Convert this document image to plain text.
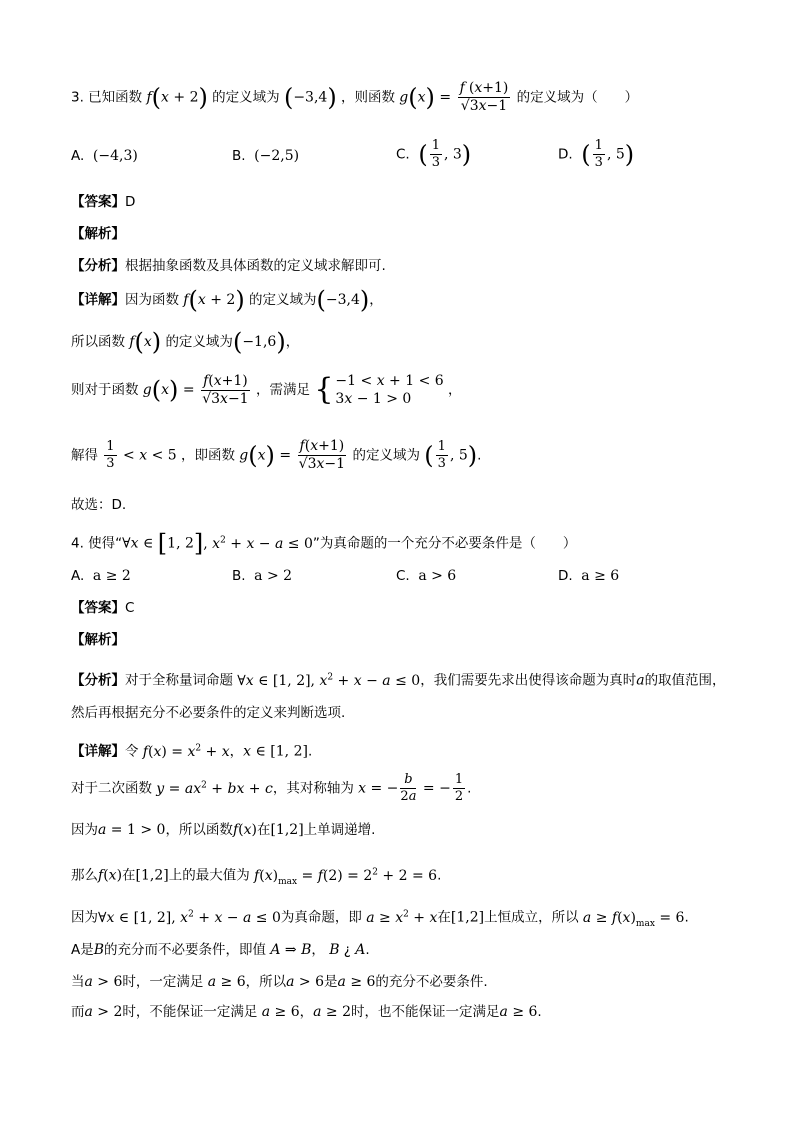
3. 已知函数 f(x + 2) 的定义域为 (−3,4) ，则函数 $g(x) = \frac{f (x+1)}{√3x-1}$ 的定义域为（　　）
A. (−4,3)	B. (−2,5)	C. ( $\frac{1}{3}$ , 3)	D. ( $\frac{1}{3}$ , 5)
【答案】D
【解析】
【分析】根据抽象函数及具体函数的定义域求解即可.
【详解】因为函数 f(x + 2) 的定义域为(−3,4)，
所以函数 f(x) 的定义域为(−1,6)，
则对于函数 $g(x) = \frac{f(x+1)}{√3x-1}$ ，需满足 { −1 < x + 1 < 6
3x − 1 > 0
，
解得 $\frac{1}{3} < x < 5$ ，即函数 $g(x) = \frac{f(x+1)}{√3x-1}$ 的定义域为 ( $\frac{1}{3}$ , 5).
故选：D.
4. 使得“∀x ∈ [1, 2], $x^2 + x - a \le 0$”为真命题的一个充分不必要条件是（　　）
A. a ≥ 2	B. a > 2	C. a > 6	D. a ≥ 6
【答案】C
【解析】
【分析】对于全称量词命题 ∀x ∈ [1, 2], $x^2 + x - a \le 0$，我们需要先求出使得该命题为真时a的取值范围，
然后再根据充分不必要条件的定义来判断选项.
【详解】令 $f(x) = x^2 + x$，x ∈ [1, 2].
对于二次函数 $y = ax^2$ + bx + c，其对称轴为 x = − $\frac{b}{2a}$ = − $\frac{1}{2}$ .
因为a = 1 > 0，所以函数f(x)在[1,2]上单调递增.
那么f(x)在[1,2]上的最大值为 $f(x)_{max} = f(2) = 2^2 + 2 = 6$.
因为∀x ∈ [1, 2], $x^2 + x - a \le 0$为真命题，即 $a \ge x^2 + x$在[1,2]上恒成立，所以 $a \ge f(x)_{max} = 6$.
A是B的充分而不必要条件，即值 A ⇒ B， B ¿ A.
当a > 6时，一定满足 a ≥ 6，所以a > 6是a ≥ 6的充分不必要条件.
而a > 2时，不能保证一定满足 a ≥ 6，a ≥ 2时，也不能保证一定满足a ≥ 6.
